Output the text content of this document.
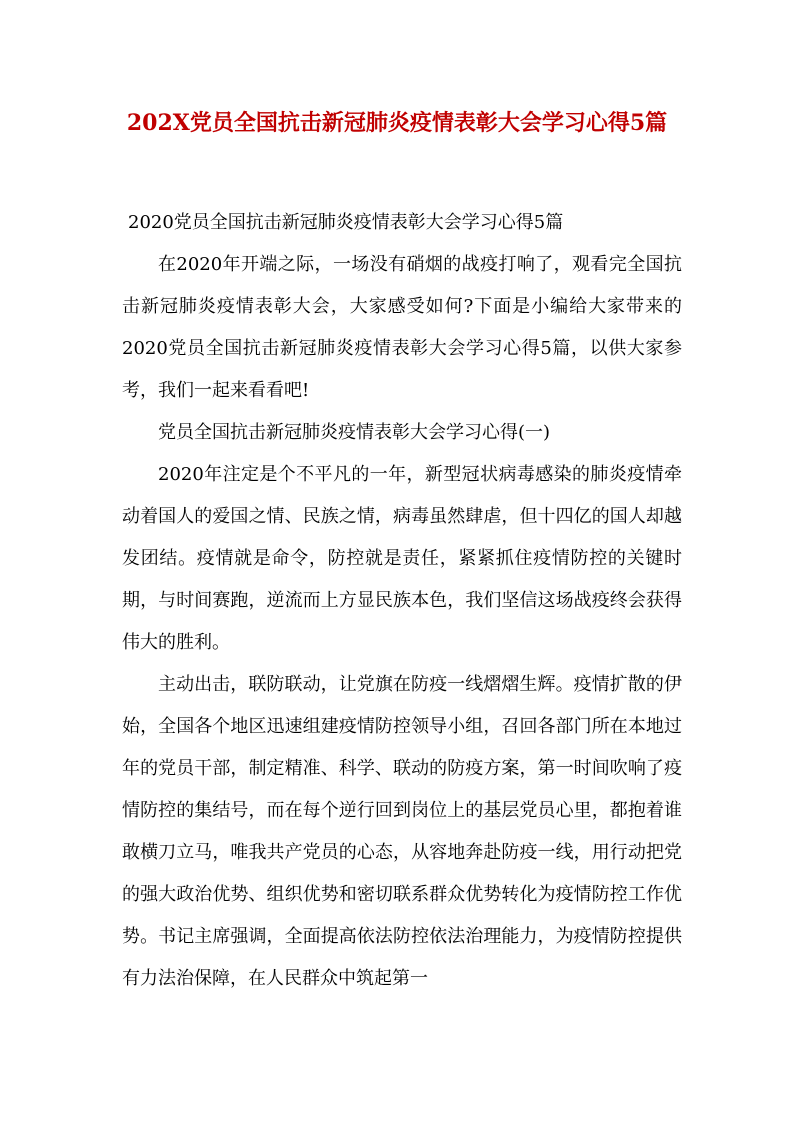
202X党员全国抗击新冠肺炎疫情表彰大会学习心得5篇

2020党员全国抗击新冠肺炎疫情表彰大会学习心得5篇

在2020年开端之际，一场没有硝烟的战疫打响了，观看完全国抗击新冠肺炎疫情表彰大会，大家感受如何?下面是小编给大家带来的2020党员全国抗击新冠肺炎疫情表彰大会学习心得5篇，以供大家参考，我们一起来看看吧!

党员全国抗击新冠肺炎疫情表彰大会学习心得(一)

2020年注定是个不平凡的一年，新型冠状病毒感染的肺炎疫情牵动着国人的爱国之情、民族之情，病毒虽然肆虐，但十四亿的国人却越发团结。疫情就是命令，防控就是责任，紧紧抓住疫情防控的关键时期，与时间赛跑，逆流而上方显民族本色，我们坚信这场战疫终会获得伟大的胜利。

主动出击，联防联动，让党旗在防疫一线熠熠生辉。疫情扩散的伊始，全国各个地区迅速组建疫情防控领导小组，召回各部门所在本地过年的党员干部，制定精准、科学、联动的防疫方案，第一时间吹响了疫情防控的集结号，而在每个逆行回到岗位上的基层党员心里，都抱着谁敢横刀立马，唯我共产党员的心态，从容地奔赴防疫一线，用行动把党的强大政治优势、组织优势和密切联系群众优势转化为疫情防控工作优势。书记主席强调，全面提高依法防控依法治理能力，为疫情防控提供有力法治保障，在人民群众中筑起第一
